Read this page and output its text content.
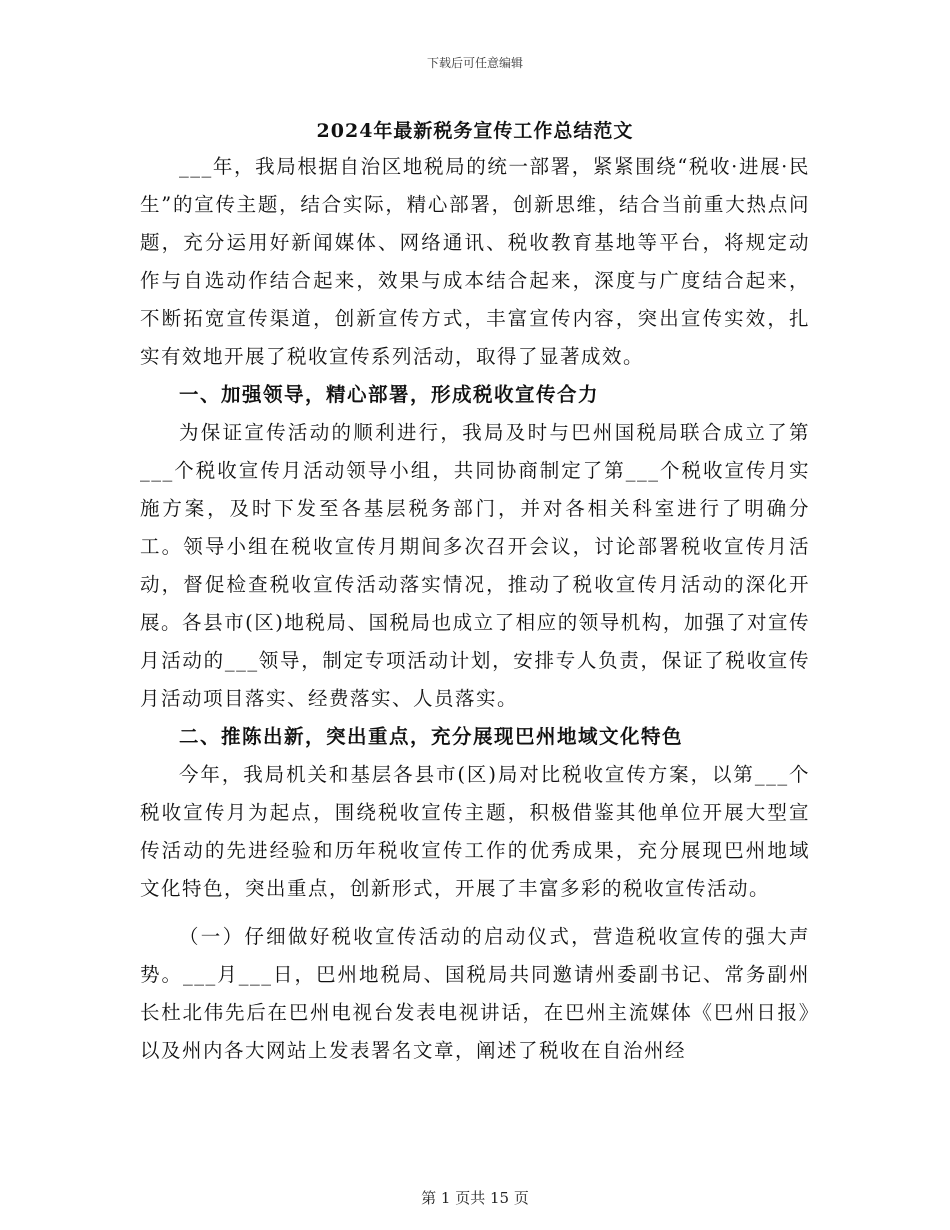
下载后可任意编辑
2024年最新税务宣传工作总结范文

___年，我局根据自治区地税局的统一部署，紧紧围绕“税收·进展·民生”的宣传主题，结合实际，精心部署，创新思维，结合当前重大热点问题，充分运用好新闻媒体、网络通讯、税收教育基地等平台，将规定动作与自选动作结合起来，效果与成本结合起来，深度与广度结合起来，不断拓宽宣传渠道，创新宣传方式，丰富宣传内容，突出宣传实效，扎实有效地开展了税收宣传系列活动，取得了显著成效。

一、加强领导，精心部署，形成税收宣传合力

为保证宣传活动的顺利进行，我局及时与巴州国税局联合成立了第___个税收宣传月活动领导小组，共同协商制定了第___个税收宣传月实施方案，及时下发至各基层税务部门，并对各相关科室进行了明确分工。领导小组在税收宣传月期间多次召开会议，讨论部署税收宣传月活动，督促检查税收宣传活动落实情况，推动了税收宣传月活动的深化开展。各县市(区)地税局、国税局也成立了相应的领导机构，加强了对宣传月活动的___领导，制定专项活动计划，安排专人负责，保证了税收宣传月活动项目落实、经费落实、人员落实。

二、推陈出新，突出重点，充分展现巴州地域文化特色

今年，我局机关和基层各县市(区)局对比税收宣传方案，以第___个税收宣传月为起点，围绕税收宣传主题，积极借鉴其他单位开展大型宣传活动的先进经验和历年税收宣传工作的优秀成果，充分展现巴州地域文化特色，突出重点，创新形式，开展了丰富多彩的税收宣传活动。

（一）仔细做好税收宣传活动的启动仪式，营造税收宣传的强大声势。___月___日，巴州地税局、国税局共同邀请州委副书记、常务副州长杜北伟先后在巴州电视台发表电视讲话，在巴州主流媒体《巴州日报》以及州内各大网站上发表署名文章，阐述了税收在自治州经

第 1 页共 15 页
